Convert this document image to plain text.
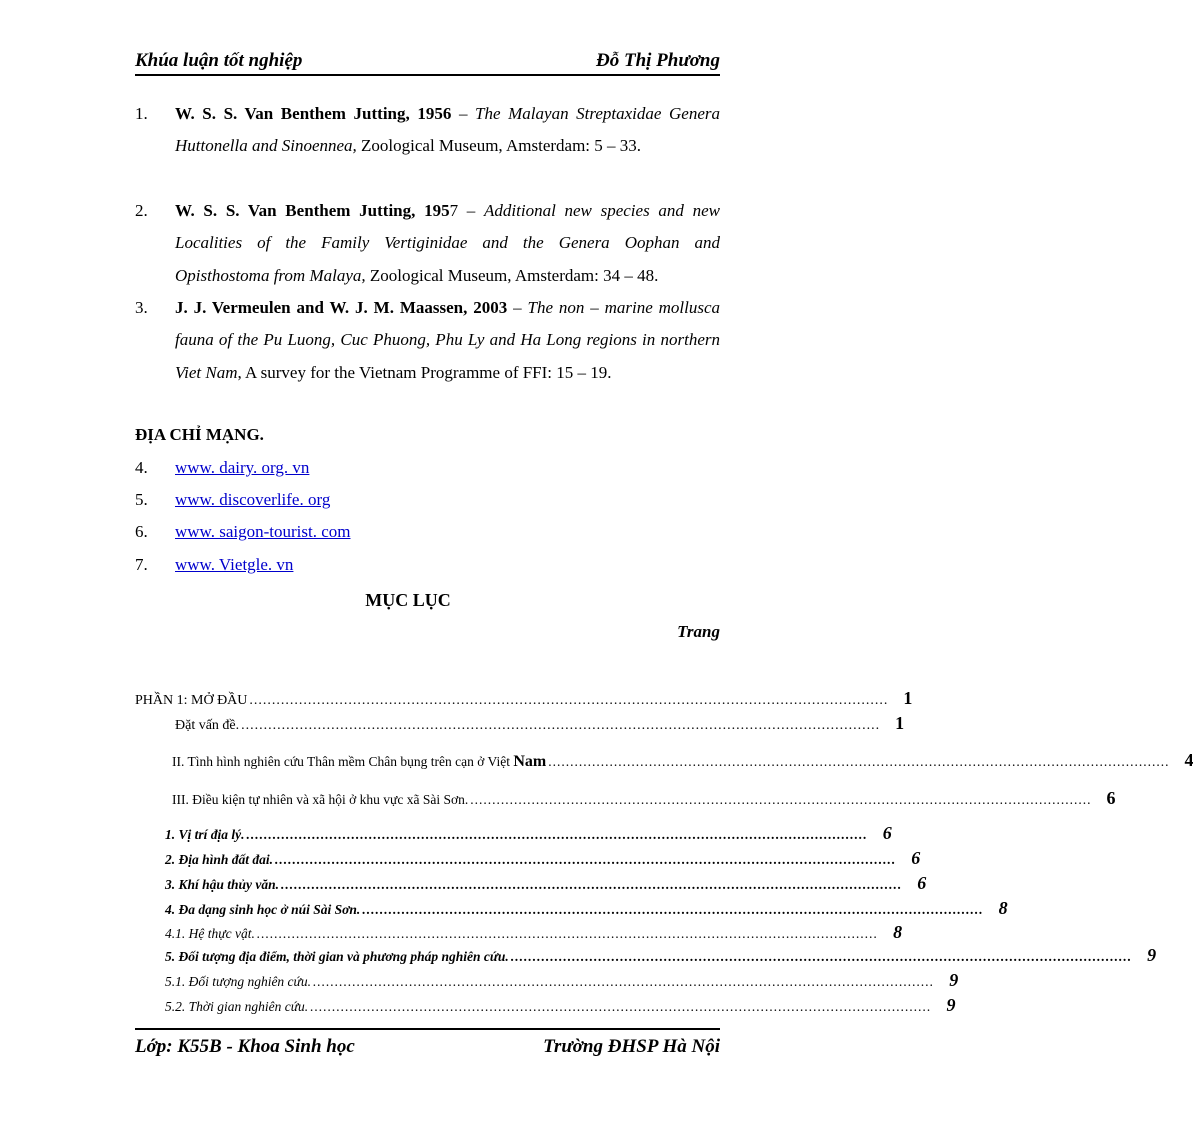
Khúa luận tốt nghiệp	Đỗ Thị Phương
1. W. S. S. Van Benthem Jutting, 1956 – The Malayan Streptaxidae Genera Huttonella and Sinoennea, Zoological Museum, Amsterdam: 5 – 33.
2. W. S. S. Van Benthem Jutting, 1957 – Additional new species and new Localities of the Family Vertiginidae and the Genera Oophan and Opisthostoma from Malaya, Zoological Museum, Amsterdam: 34 – 48.
3. J. J. Vermeulen and W. J. M. Maassen, 2003 – The non – marine mollusca fauna of the Pu Luong, Cuc Phuong, Phu Ly and Ha Long regions in northern Viet Nam, A survey for the Vietnam Programme of FFI: 15 – 19.
ĐỊA CHỈ MẠNG.
4. www. dairy. org. vn
5. www. discoverlife. org
6. www. saigon-tourist. com
7. www. Vietgle. vn
MỤC LỤC
Trang
PHẦN 1: MỞ ĐẦU .............................................................................................................................................. 1
Đặt vấn đề. .............................................................................................................................................. 1
II. Tình hình nghiên cứu Thân mềm Chân bụng trên cạn ở Việt Nam .............................................................................................................................................. 4
III. Điều kiện tự nhiên và xã hội ở khu vực xã Sài Sơn. .............................................................................................................................................. 6
1. Vị trí địa lý. .............................................................................................................................................. 6
2. Địa hình đất đai. .............................................................................................................................................. 6
3. Khí hậu thủy văn. .............................................................................................................................................. 6
4. Đa dạng sinh học ở núi Sài Sơn. .............................................................................................................................................. 8
4.1. Hệ thực vật. .............................................................................................................................................. 8
5. Đối tượng địa điểm, thời gian và phương pháp nghiên cứu. .............................................................................................................................................. 9
5.1. Đối tượng nghiên cứu. .............................................................................................................................................. 9
5.2. Thời gian nghiên cứu. .............................................................................................................................................. 9
Lớp: K55B - Khoa Sinh học	Trường ĐHSP Hà Nội
